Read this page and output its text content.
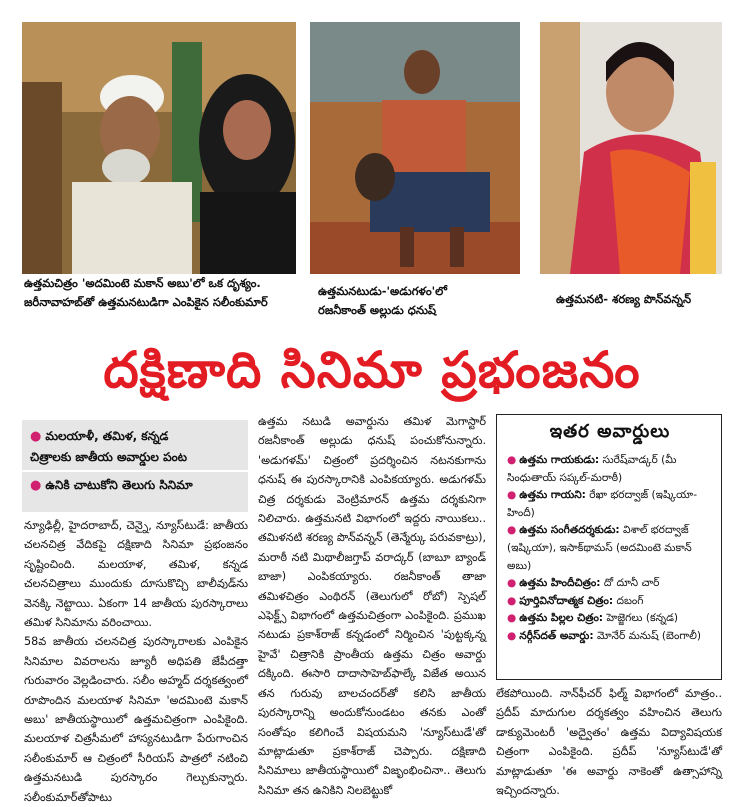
ఉత్తమచిత్రం 'అదమింటె మకాన్ అబు'లో ఒక దృశ్యం.
జరీనావాహబ్‌తో ఉత్తమనటుడిగా ఎంపికైన సలీంకుమార్
ఉత్తమనటుడు-'అడుగళం'లో
రజనీకాంత్ అల్లుడు ధనుష్
ఉత్తమనటి- శరణ్య పొన్‌వన్నన్
దక్షిణాది సినిమా ప్రభంజనం
● మలయాళీ, తమిళ, కన్నడ
చిత్రాలకు జాతీయ అవార్డుల పంట
● ఉనికి చాటుకోని తెలుగు సినిమా

న్యూఢిల్లీ, హైదరాబాద్, చెన్నై, న్యూస్‌టుడే: జాతీయ చలనచిత్ర వేదికపై దక్షిణాది సినిమా ప్రభంజనం సృష్టించింది. మలయాళ, తమిళ, కన్నడ చలనచిత్రాలు ముందుకు దూసుకొచ్చి బాలీవుడ్‌ను వెనక్కి నెట్టాయి. ఏకంగా 14 జాతీయ పురస్కారాలు తమిళ సినిమాను వరించాయి.

58వ జాతీయ చలనచిత్ర పురస్కారాలకు ఎంపికైన సినిమాల వివరాలను జ్యూరీ అధిపతి జేపీదత్తా గురువారం వెల్లడించారు. సలీం అహ్మద్ దర్శకత్వంలో రూపొందిన మలయాళ సినిమా 'అదమింటె మకాన్ అబు' జాతీయస్థాయిలో ఉత్తమచిత్రంగా ఎంపికైంది. మలయాళ చిత్రసీమలో హాస్యనటుడిగా పేరుగాంచిన సలీంకుమార్ ఆ చిత్రంలో సీరియస్ పాత్రలో నటించి ఉత్తమనటుడి పురస్కారం గెల్చుకున్నారు. సలీంకుమార్‌తోపాటు

ఉత్తమ నటుడి అవార్డును తమిళ మెగాస్టార్ రజనీకాంత్ అల్లుడు ధనుష్ పంచుకోనున్నారు. 'అడుగళమ్' చిత్రంలో ప్రదర్శించిన నటనకుగాను ధనుష్ ఈ పురస్కారానికి ఎంపికయ్యారు. అడుగళమ్ చిత్ర దర్శకుడు వెంట్రిమారన్ ఉత్తమ దర్శకునిగా నిలిచారు. ఉత్తమనటి విభాగంలో ఇద్దరు నాయికలు.. తమిళనటి శరణ్య పొన్‌వన్నన్ (తెన్మేర్కు పరువకాట్రు), మరాఠీ నటి మిథాలీజగ్తాప్ వరాద్కర్ (బాబూ బ్యాండ్ బాజా) ఎంపికయ్యారు. రజనీకాంత్ తాజా తమిళచిత్రం ఎంథిరన్ (తెలుగులో రోబో) స్పెషల్ ఎఫెక్ట్స్ విభాగంలో ఉత్తమచిత్రంగా ఎంపికైంది. ప్రముఖ నటుడు ప్రకాశ్‌రాజ్ కన్నడంలో నిర్మించిన 'పుట్టక్కన్న హైవే' చిత్రానికి ప్రాంతీయ ఉత్తమ చిత్రం అవార్డు దక్కింది. ఈసారి దాదాసాహెబ్‌ఫాల్కే విజేత అయిన తన గురువు బాలచందర్‌తో కలిసి జాతీయ పురస్కారాన్ని అందుకోనుండటం తనకు ఎంతో సంతోషం కలిగించే విషయమని 'న్యూస్‌టుడే'తో మాట్లాడుతూ ప్రకాశ్‌రాజ్ చెప్పారు. దక్షిణాది సినిమాలు జాతీయస్థాయిలో విజృంభించినా.. తెలుగు సినిమా తన ఉనికిని నిలబెట్టుకో

ఇతర అవార్డులు
● ఉత్తమ గాయకుడు: సురేష్‌వాడ్కర్ (మీ సింధుతాయ్ సప్కల్-మరాఠీ)
● ఉత్తమ గాయని: రేఖా భరద్వాజ్ (ఇష్కియా-హిందీ)
● ఉత్తమ సంగీతదర్శకుడు: విశాల్ భరద్వాజ్ (ఇష్కియా), ఇసాక్‌థామస్ (అదమింటె మకాన్ అబు)
● ఉత్తమ హిందీచిత్రం: దో దూనీ చార్
● పూర్తివినోదాత్మక చిత్రం: దబంగ్
● ఉత్తమ పిల్లల చిత్రం: హెజ్జెగలు (కన్నడ)
● నర్గీస్‌దత్ అవార్డు: మోనేర్ మనుష్ (బెంగాలీ)

లేకపోయింది. నాన్‌ఫీచర్ ఫిల్మ్ విభాగంలో మాత్రం.. ప్రదీప్ మాదుగుల దర్శకత్వం వహించిన తెలుగు డాక్యుమెంటరీ 'అద్వైతం' ఉత్తమ విద్యావిషయక చిత్రంగా ఎంపికైంది. ప్రదీప్ 'న్యూస్‌టుడే'తో మాట్లాడుతూ 'ఈ అవార్డు నాకెంతో ఉత్సాహాన్ని ఇచ్చిందన్నారు.
